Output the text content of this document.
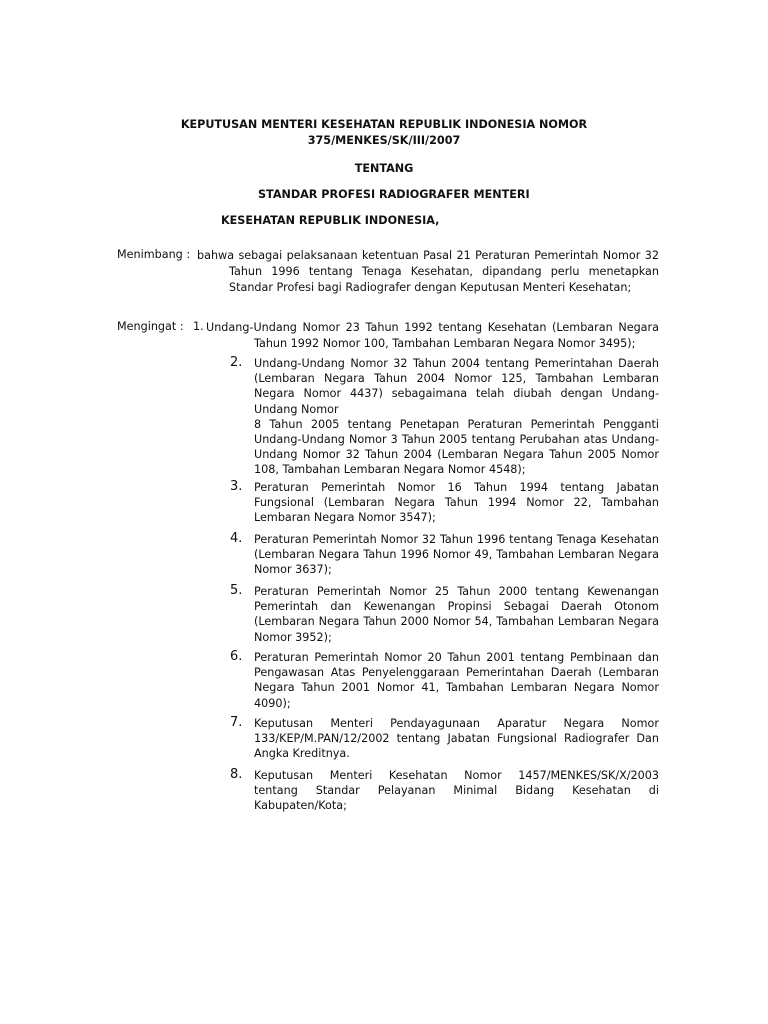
KEPUTUSAN MENTERI KESEHATAN REPUBLIK INDONESIA NOMOR
375/MENKES/SK/III/2007
TENTANG
STANDAR PROFESI RADIOGRAFER MENTERI
KESEHATAN REPUBLIK INDONESIA,
Menimbang : bahwa sebagai pelaksanaan ketentuan Pasal 21 Peraturan Pemerintah Nomor 32
Tahun 1996 tentang Tenaga Kesehatan, dipandang perlu menetapkan
Standar Profesi bagi Radiografer dengan Keputusan Menteri Kesehatan;
Mengingat : 1. Undang-Undang Nomor 23 Tahun 1992 tentang Kesehatan (Lembaran Negara
Tahun 1992 Nomor 100, Tambahan Lembaran Negara Nomor 3495);
2. Undang-Undang Nomor 32 Tahun 2004 tentang Pemerintahan Daerah
(Lembaran Negara Tahun 2004 Nomor 125, Tambahan Lembaran
Negara Nomor 4437) sebagaimana telah diubah dengan Undang-
Undang Nomor
8 Tahun 2005 tentang Penetapan Peraturan Pemerintah Pengganti
Undang-Undang Nomor 3 Tahun 2005 tentang Perubahan atas Undang-
Undang Nomor 32 Tahun 2004 (Lembaran Negara Tahun 2005 Nomor
108, Tambahan Lembaran Negara Nomor 4548);
3. Peraturan Pemerintah Nomor 16 Tahun 1994 tentang Jabatan
Fungsional (Lembaran Negara Tahun 1994 Nomor 22, Tambahan
Lembaran Negara Nomor 3547);
4. Peraturan Pemerintah Nomor 32 Tahun 1996 tentang Tenaga Kesehatan
(Lembaran Negara Tahun 1996 Nomor 49, Tambahan Lembaran Negara
Nomor 3637);
5. Peraturan Pemerintah Nomor 25 Tahun 2000 tentang Kewenangan
Pemerintah dan Kewenangan Propinsi Sebagai Daerah Otonom
(Lembaran Negara Tahun 2000 Nomor 54, Tambahan Lembaran Negara
Nomor 3952);
6. Peraturan Pemerintah Nomor 20 Tahun 2001 tentang Pembinaan dan
Pengawasan Atas Penyelenggaraan Pemerintahan Daerah (Lembaran
Negara Tahun 2001 Nomor 41, Tambahan Lembaran Negara Nomor
4090);
7. Keputusan Menteri Pendayagunaan Aparatur Negara Nomor
133/KEP/M.PAN/12/2002 tentang Jabatan Fungsional Radiografer Dan
Angka Kreditnya.
8. Keputusan Menteri Kesehatan Nomor 1457/MENKES/SK/X/2003
tentang Standar Pelayanan Minimal Bidang Kesehatan di
Kabupaten/Kota;
